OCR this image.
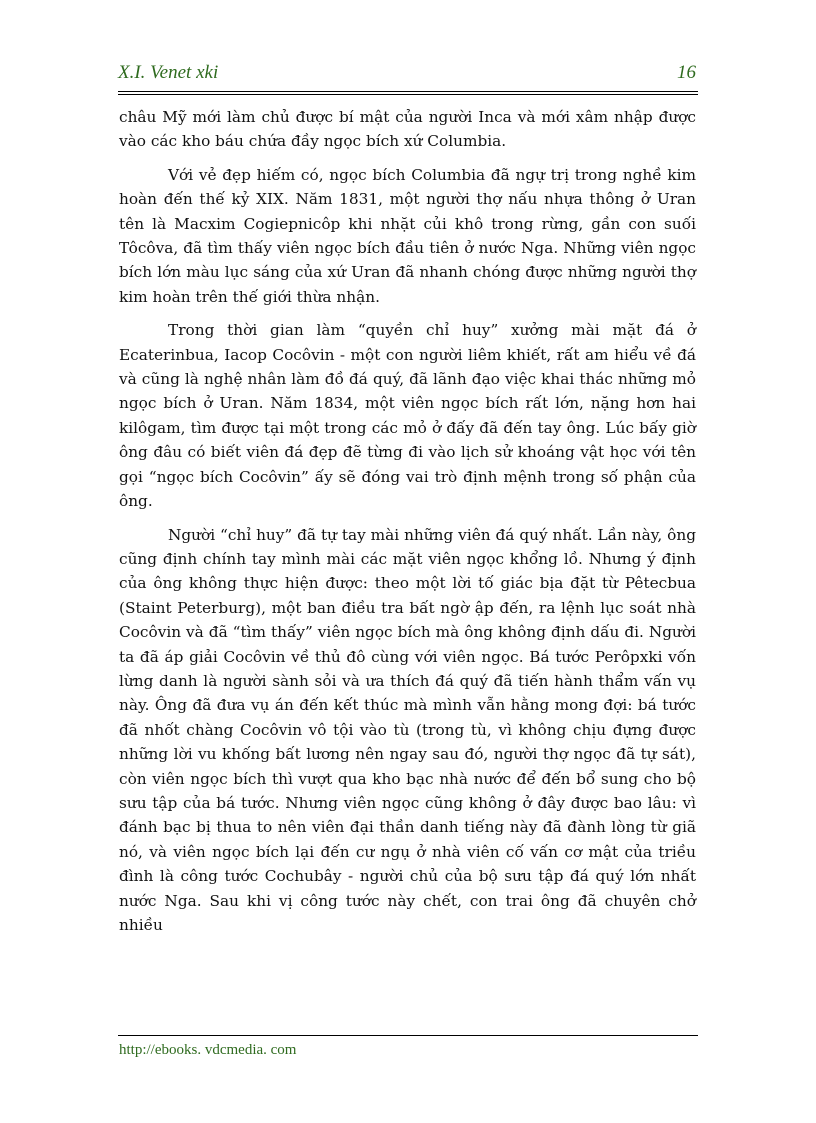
X.I. Venet xki	16

châu Mỹ mới làm chủ được bí mật của người Inca và mới xâm nhập được vào các kho báu chứa đầy ngọc bích xứ Columbia.

Với vẻ đẹp hiếm có, ngọc bích Columbia đã ngự trị trong nghề kim hoàn đến thế kỷ XIX. Năm 1831, một người thợ nấu nhựa thông ở Uran tên là Macxim Cogiepnicôp khi nhặt củi khô trong rừng, gần con suối Tôcôva, đã tìm thấy viên ngọc bích đầu tiên ở nước Nga. Những viên ngọc bích lớn màu lục sáng của xứ Uran đã nhanh chóng được những người thợ kim hoàn trên thế giới thừa nhận.

Trong thời gian làm “quyền chỉ huy” xưởng mài mặt đá ở Ecaterinbua, Iacop Cocôvin - một con người liêm khiết, rất am hiểu về đá và cũng là nghệ nhân làm đồ đá quý, đã lãnh đạo việc khai thác những mỏ ngọc bích ở Uran. Năm 1834, một viên ngọc bích rất lớn, nặng hơn hai kilôgam, tìm được tại một trong các mỏ ở đấy đã đến tay ông. Lúc bấy giờ ông đâu có biết viên đá đẹp đẽ từng đi vào lịch sử khoáng vật học với tên gọi “ngọc bích Cocôvin” ấy sẽ đóng vai trò định mệnh trong số phận của ông.

Người “chỉ huy” đã tự tay mài những viên đá quý nhất. Lần này, ông cũng định chính tay mình mài các mặt viên ngọc khổng lồ. Nhưng ý định của ông không thực hiện được: theo một lời tố giác bịa đặt từ Pêtecbua (Staint Peterburg), một ban điều tra bất ngờ ập đến, ra lệnh lục soát nhà Cocôvin và đã “tìm thấy” viên ngọc bích mà ông không định dấu đi. Người ta đã áp giải Cocôvin về thủ đô cùng với viên ngọc. Bá tước Perôpxki vốn lừng danh là người sành sỏi và ưa thích đá quý đã tiến hành thẩm vấn vụ này. Ông đã đưa vụ án đến kết thúc mà mình vẫn hằng mong đợi: bá tước đã nhốt chàng Cocôvin vô tội vào tù (trong tù, vì không chịu đựng được những lời vu khống bất lương nên ngay sau đó, người thợ ngọc đã tự sát), còn viên ngọc bích thì vượt qua kho bạc nhà nước để đến bổ sung cho bộ sưu tập của bá tước. Nhưng viên ngọc cũng không ở đây được bao lâu: vì đánh bạc bị thua to nên viên đại thần danh tiếng này đã đành lòng từ giã nó, và viên ngọc bích lại đến cư ngụ ở nhà viên cố vấn cơ mật của triều đình là công tước Cochubây - người chủ của bộ sưu tập đá quý lớn nhất nước Nga. Sau khi vị công tước này chết, con trai ông đã chuyên chở nhiều

http://ebooks. vdcmedia. com
